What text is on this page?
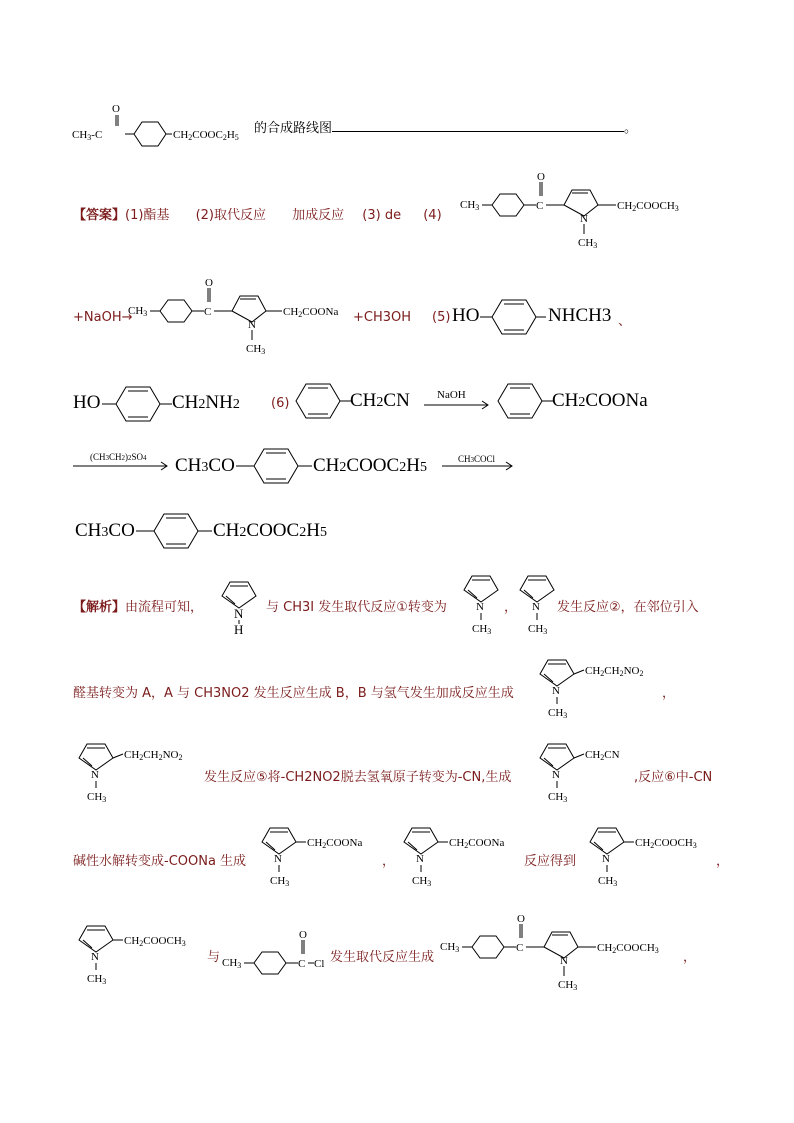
O
CH3-C	CH2COOC2H5
的合成路线图	。
【答案】(1)酯基 (2)取代反应 加成反应 (3) de (4)
CH3	C
O
N
CH3
CH2COOCH3
+NaOH→
CH3	C
O
N
CH3
CH2COONa +CH3OH (5) HO	NHCH3 、
HO	CH2NH2 (6)	CH2CN NaOH	CH2COONa
(CH3CH2)2SO4 CH3CO	CH2COOC2H5
CH3COCl
CH3CO	CH2COOC2H5
【解析】由流程可知， N
H
与 CH3I 发生取代反应①转变为	N
CH3
， N
CH3
发生反应②，在邻位引入
醛基转变为 A，A 与 CH3NO2 发生反应生成 B，B 与氢气发生加成反应生成	N
CH3
CH2CH2NO2
，
N
CH3
CH2CH2NO2
发生反应⑤将-CH2NO2脱去氢氧原子转变为-CN,生成	N
CH3
CH2CN
,反应⑥中-CN
碱性水解转变成-COONa 生成	N
CH3
CH2COONa
， N
CH3
CH2COONa
反应得到 N
CH3
CH2COOCH3
，
N
CH3
CH2COOCH3
与 CH3	C
O
Cl 发生取代反应生成
CH3	C
O
N
CH3
CH2COOCH3 ，
